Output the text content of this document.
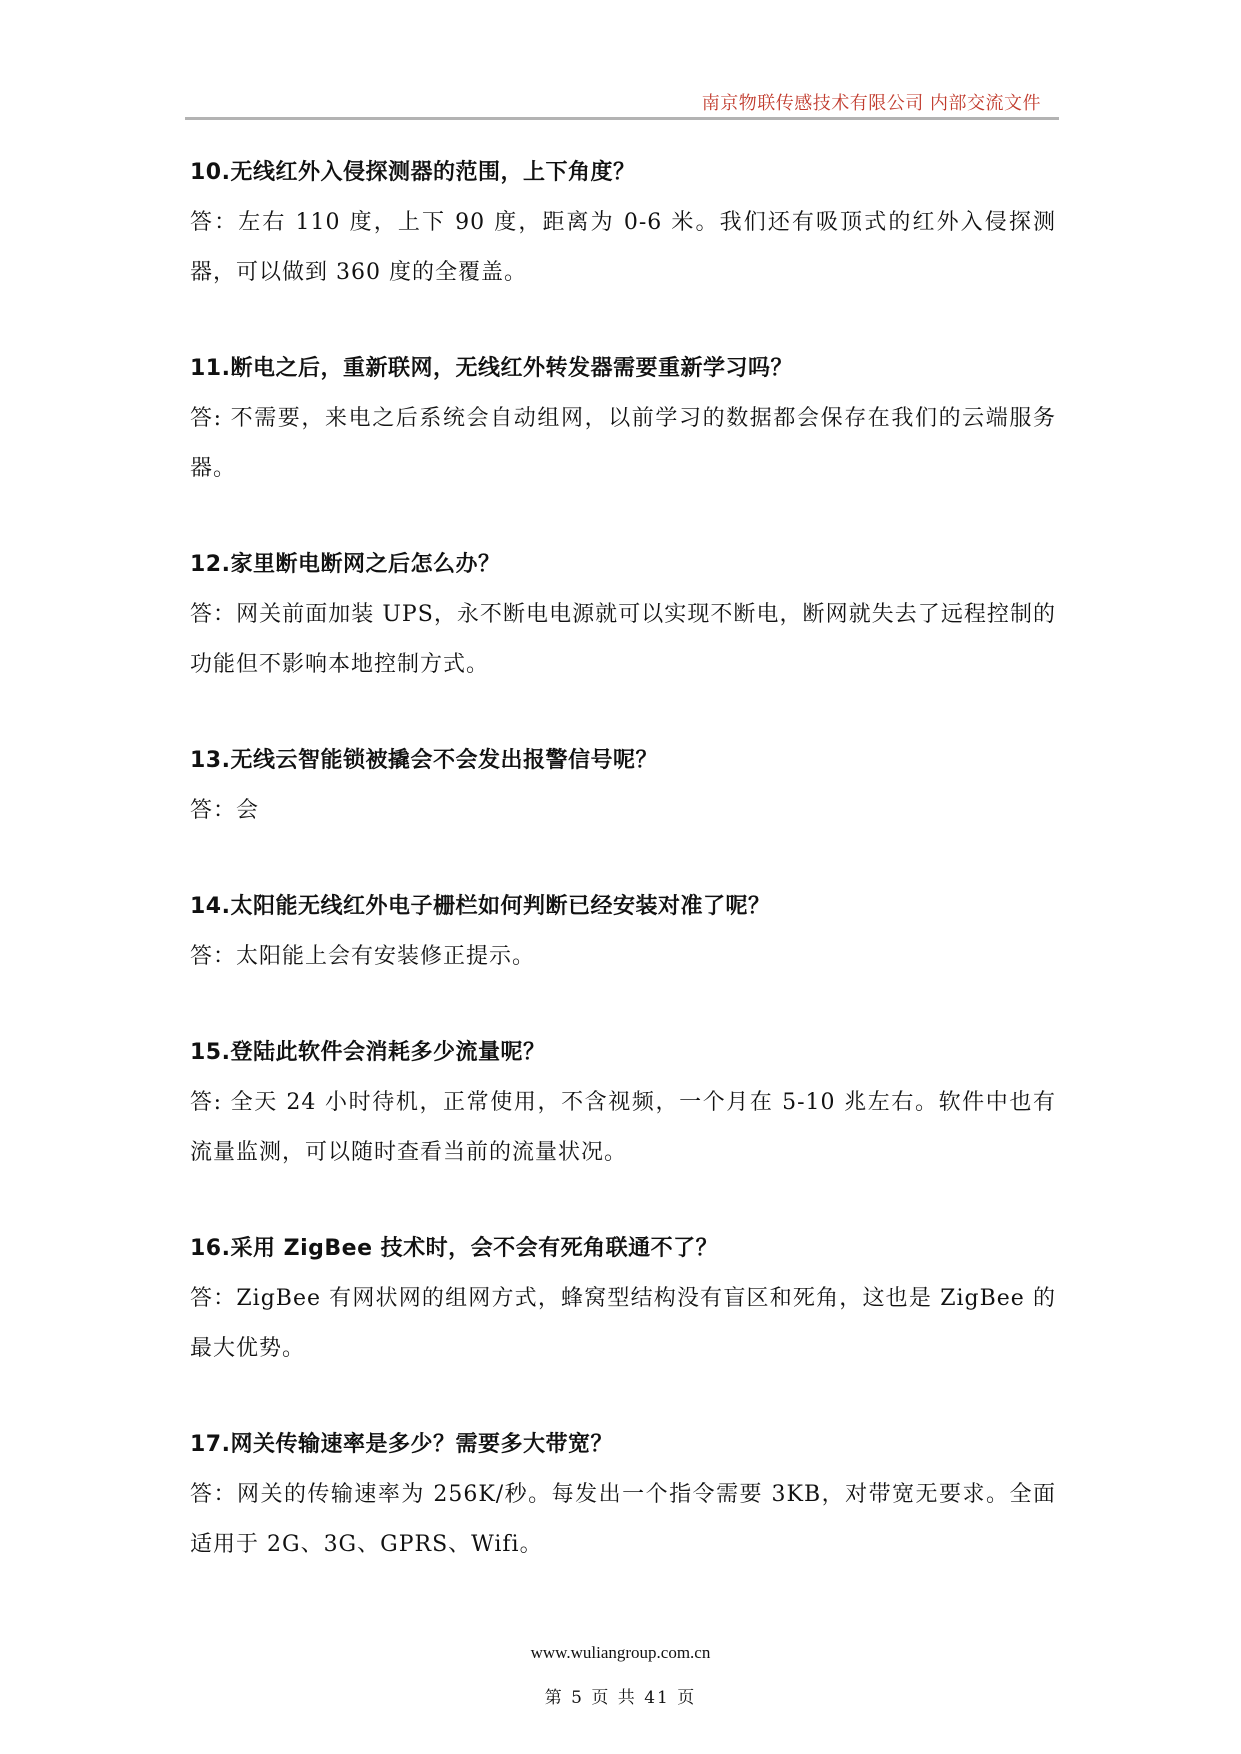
南京物联传感技术有限公司 内部交流文件

10.无线红外入侵探测器的范围，上下角度？

答：左右 110 度，上下 90 度，距离为 0-6 米。我们还有吸顶式的红外入侵探测器，可以做到 360 度的全覆盖。

11.断电之后，重新联网，无线红外转发器需要重新学习吗？

答: 不需要，来电之后系统会自动组网，以前学习的数据都会保存在我们的云端服务器。

12.家里断电断网之后怎么办？

答：网关前面加装 UPS，永不断电电源就可以实现不断电，断网就失去了远程控制的功能但不影响本地控制方式。

13.无线云智能锁被撬会不会发出报警信号呢？

答：会

14.太阳能无线红外电子栅栏如何判断已经安装对准了呢？

答：太阳能上会有安装修正提示。

15.登陆此软件会消耗多少流量呢？

答: 全天 24 小时待机，正常使用，不含视频，一个月在 5-10 兆左右。软件中也有流量监测，可以随时查看当前的流量状况。

16.采用 ZigBee 技术时，会不会有死角联通不了？

答：ZigBee 有网状网的组网方式，蜂窝型结构没有盲区和死角，这也是 ZigBee 的最大优势。

17.网关传输速率是多少？需要多大带宽？

答：网关的传输速率为 256K/秒。每发出一个指令需要 3KB，对带宽无要求。全面适用于 2G、3G、GPRS、Wifi。

www.wuliangroup.com.cn
第 5 页 共 41 页
